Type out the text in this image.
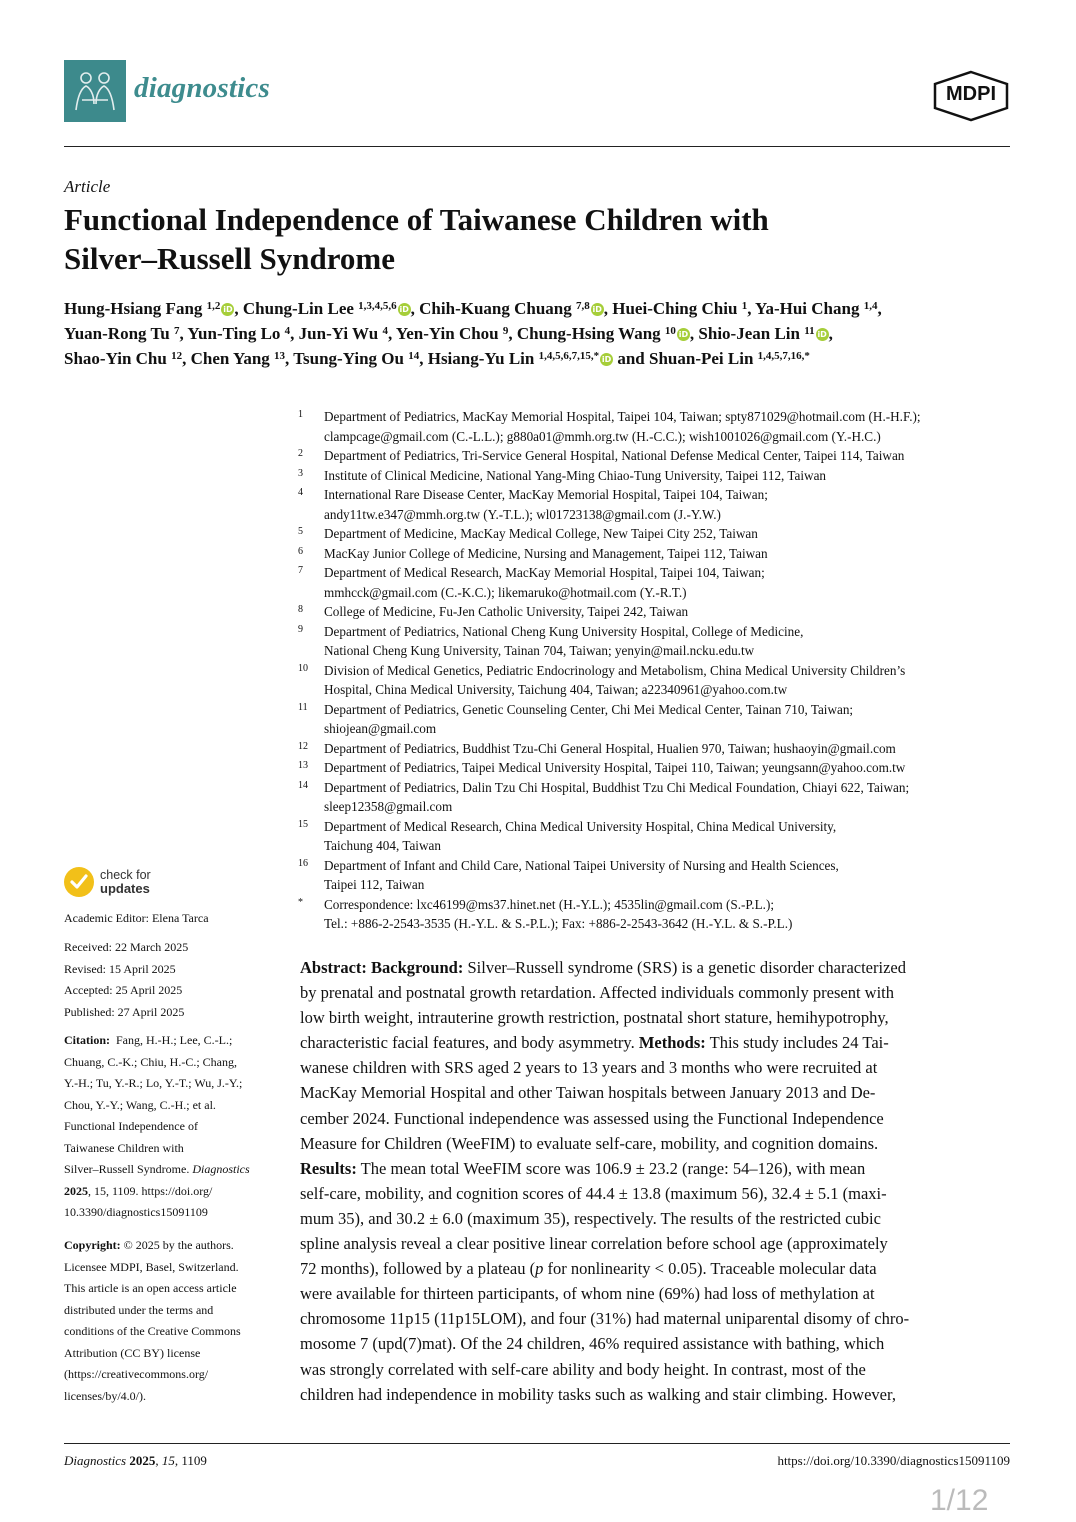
diagnostics	MDPI
Article
Functional Independence of Taiwanese Children with
Silver–Russell Syndrome
Hung-Hsiang Fang $^{1,2}$ iD , Chung-Lin Lee $^{1,3,4,5,6}$ iD , Chih-Kuang Chuang $^{7,8}$ iD , Huei-Ching Chiu $^1$, Ya-Hui Chang $^{1,4}$,
Yuan-Rong Tu $^7$, Yun-Ting Lo $^4$, Jun-Yi Wu $^4$, Yen-Yin Chou $^9$, Chung-Hsing Wang $^{10}$ iD , Shio-Jean Lin $^{11}$ iD ,
Shao-Yin Chu $^{12}$, Chen Yang $^{13}$, Tsung-Ying Ou $^{14}$, Hsiang-Yu Lin $^{1,4,5,6,7,15,*}$ iD and Shuan-Pei Lin $^{1,4,5,7,16,*}$
1 Department of Pediatrics, MacKay Memorial Hospital, Taipei 104, Taiwan; spty871029@hotmail.com (H.-H.F.);
clampcage@gmail.com (C.-L.L.); g880a01@mmh.org.tw (H.-C.C.); wish1001026@gmail.com (Y.-H.C.)
2 Department of Pediatrics, Tri-Service General Hospital, National Defense Medical Center, Taipei 114, Taiwan
3 Institute of Clinical Medicine, National Yang-Ming Chiao-Tung University, Taipei 112, Taiwan
4 International Rare Disease Center, MacKay Memorial Hospital, Taipei 104, Taiwan;
andy11tw.e347@mmh.org.tw (Y.-T.L.); wl01723138@gmail.com (J.-Y.W.)
5 Department of Medicine, MacKay Medical College, New Taipei City 252, Taiwan
6 MacKay Junior College of Medicine, Nursing and Management, Taipei 112, Taiwan
7 Department of Medical Research, MacKay Memorial Hospital, Taipei 104, Taiwan;
mmhcck@gmail.com (C.-K.C.); likemaruko@hotmail.com (Y.-R.T.)
8 College of Medicine, Fu-Jen Catholic University, Taipei 242, Taiwan
9 Department of Pediatrics, National Cheng Kung University Hospital, College of Medicine,
National Cheng Kung University, Tainan 704, Taiwan; yenyin@mail.ncku.edu.tw
10 Division of Medical Genetics, Pediatric Endocrinology and Metabolism, China Medical University Children’s
Hospital, China Medical University, Taichung 404, Taiwan; a22340961@yahoo.com.tw
11 Department of Pediatrics, Genetic Counseling Center, Chi Mei Medical Center, Tainan 710, Taiwan;
shiojean@gmail.com
12 Department of Pediatrics, Buddhist Tzu-Chi General Hospital, Hualien 970, Taiwan; hushaoyin@gmail.com
13 Department of Pediatrics, Taipei Medical University Hospital, Taipei 110, Taiwan; yeungsann@yahoo.com.tw
14 Department of Pediatrics, Dalin Tzu Chi Hospital, Buddhist Tzu Chi Medical Foundation, Chiayi 622, Taiwan;
sleep12358@gmail.com
15 Department of Medical Research, China Medical University Hospital, China Medical University,
Taichung 404, Taiwan
16 Department of Infant and Child Care, National Taipei University of Nursing and Health Sciences,
Taipei 112, Taiwan
* Correspondence: lxc46199@ms37.hinet.net (H.-Y.L.); 4535lin@gmail.com (S.-P.L.);
Tel.: +886-2-2543-3535 (H.-Y.L. & S.-P.L.); Fax: +886-2-2543-3642 (H.-Y.L. & S.-P.L.)
check for
updates
Academic Editor: Elena Tarca
Received: 22 March 2025
Revised: 15 April 2025
Accepted: 25 April 2025
Published: 27 April 2025
Citation: Fang, H.-H.; Lee, C.-L.;
Chuang, C.-K.; Chiu, H.-C.; Chang,
Y.-H.; Tu, Y.-R.; Lo, Y.-T.; Wu, J.-Y.;
Chou, Y.-Y.; Wang, C.-H.; et al.
Functional Independence of
Taiwanese Children with
Silver–Russell Syndrome. Diagnostics
2025, 15, 1109. https://doi.org/
10.3390/diagnostics15091109
Copyright: © 2025 by the authors.
Licensee MDPI, Basel, Switzerland.
This article is an open access article
distributed under the terms and
conditions of the Creative Commons
Attribution (CC BY) license
(https://creativecommons.org/
licenses/by/4.0/).
Abstract: Background: Silver–Russell syndrome (SRS) is a genetic disorder characterized
by prenatal and postnatal growth retardation. Affected individuals commonly present with
low birth weight, intrauterine growth restriction, postnatal short stature, hemihypotrophy,
characteristic facial features, and body asymmetry. Methods: This study includes 24 Tai-
wanese children with SRS aged 2 years to 13 years and 3 months who were recruited at
MacKay Memorial Hospital and other Taiwan hospitals between January 2013 and De-
cember 2024. Functional independence was assessed using the Functional Independence
Measure for Children (WeeFIM) to evaluate self-care, mobility, and cognition domains.
Results: The mean total WeeFIM score was 106.9 ± 23.2 (range: 54–126), with mean
self-care, mobility, and cognition scores of 44.4 ± 13.8 (maximum 56), 32.4 ± 5.1 (maxi-
mum 35), and 30.2 ± 6.0 (maximum 35), respectively. The results of the restricted cubic
spline analysis reveal a clear positive linear correlation before school age (approximately
72 months), followed by a plateau (p for nonlinearity < 0.05). Traceable molecular data
were available for thirteen participants, of whom nine (69%) had loss of methylation at
chromosome 11p15 (11p15LOM), and four (31%) had maternal uniparental disomy of chro-
mosome 7 (upd(7)mat). Of the 24 children, 46% required assistance with bathing, which
was strongly correlated with self-care ability and body height. In contrast, most of the
children had independence in mobility tasks such as walking and stair climbing. However,
Diagnostics 2025, 15, 1109	https://doi.org/10.3390/diagnostics15091109
1/12
